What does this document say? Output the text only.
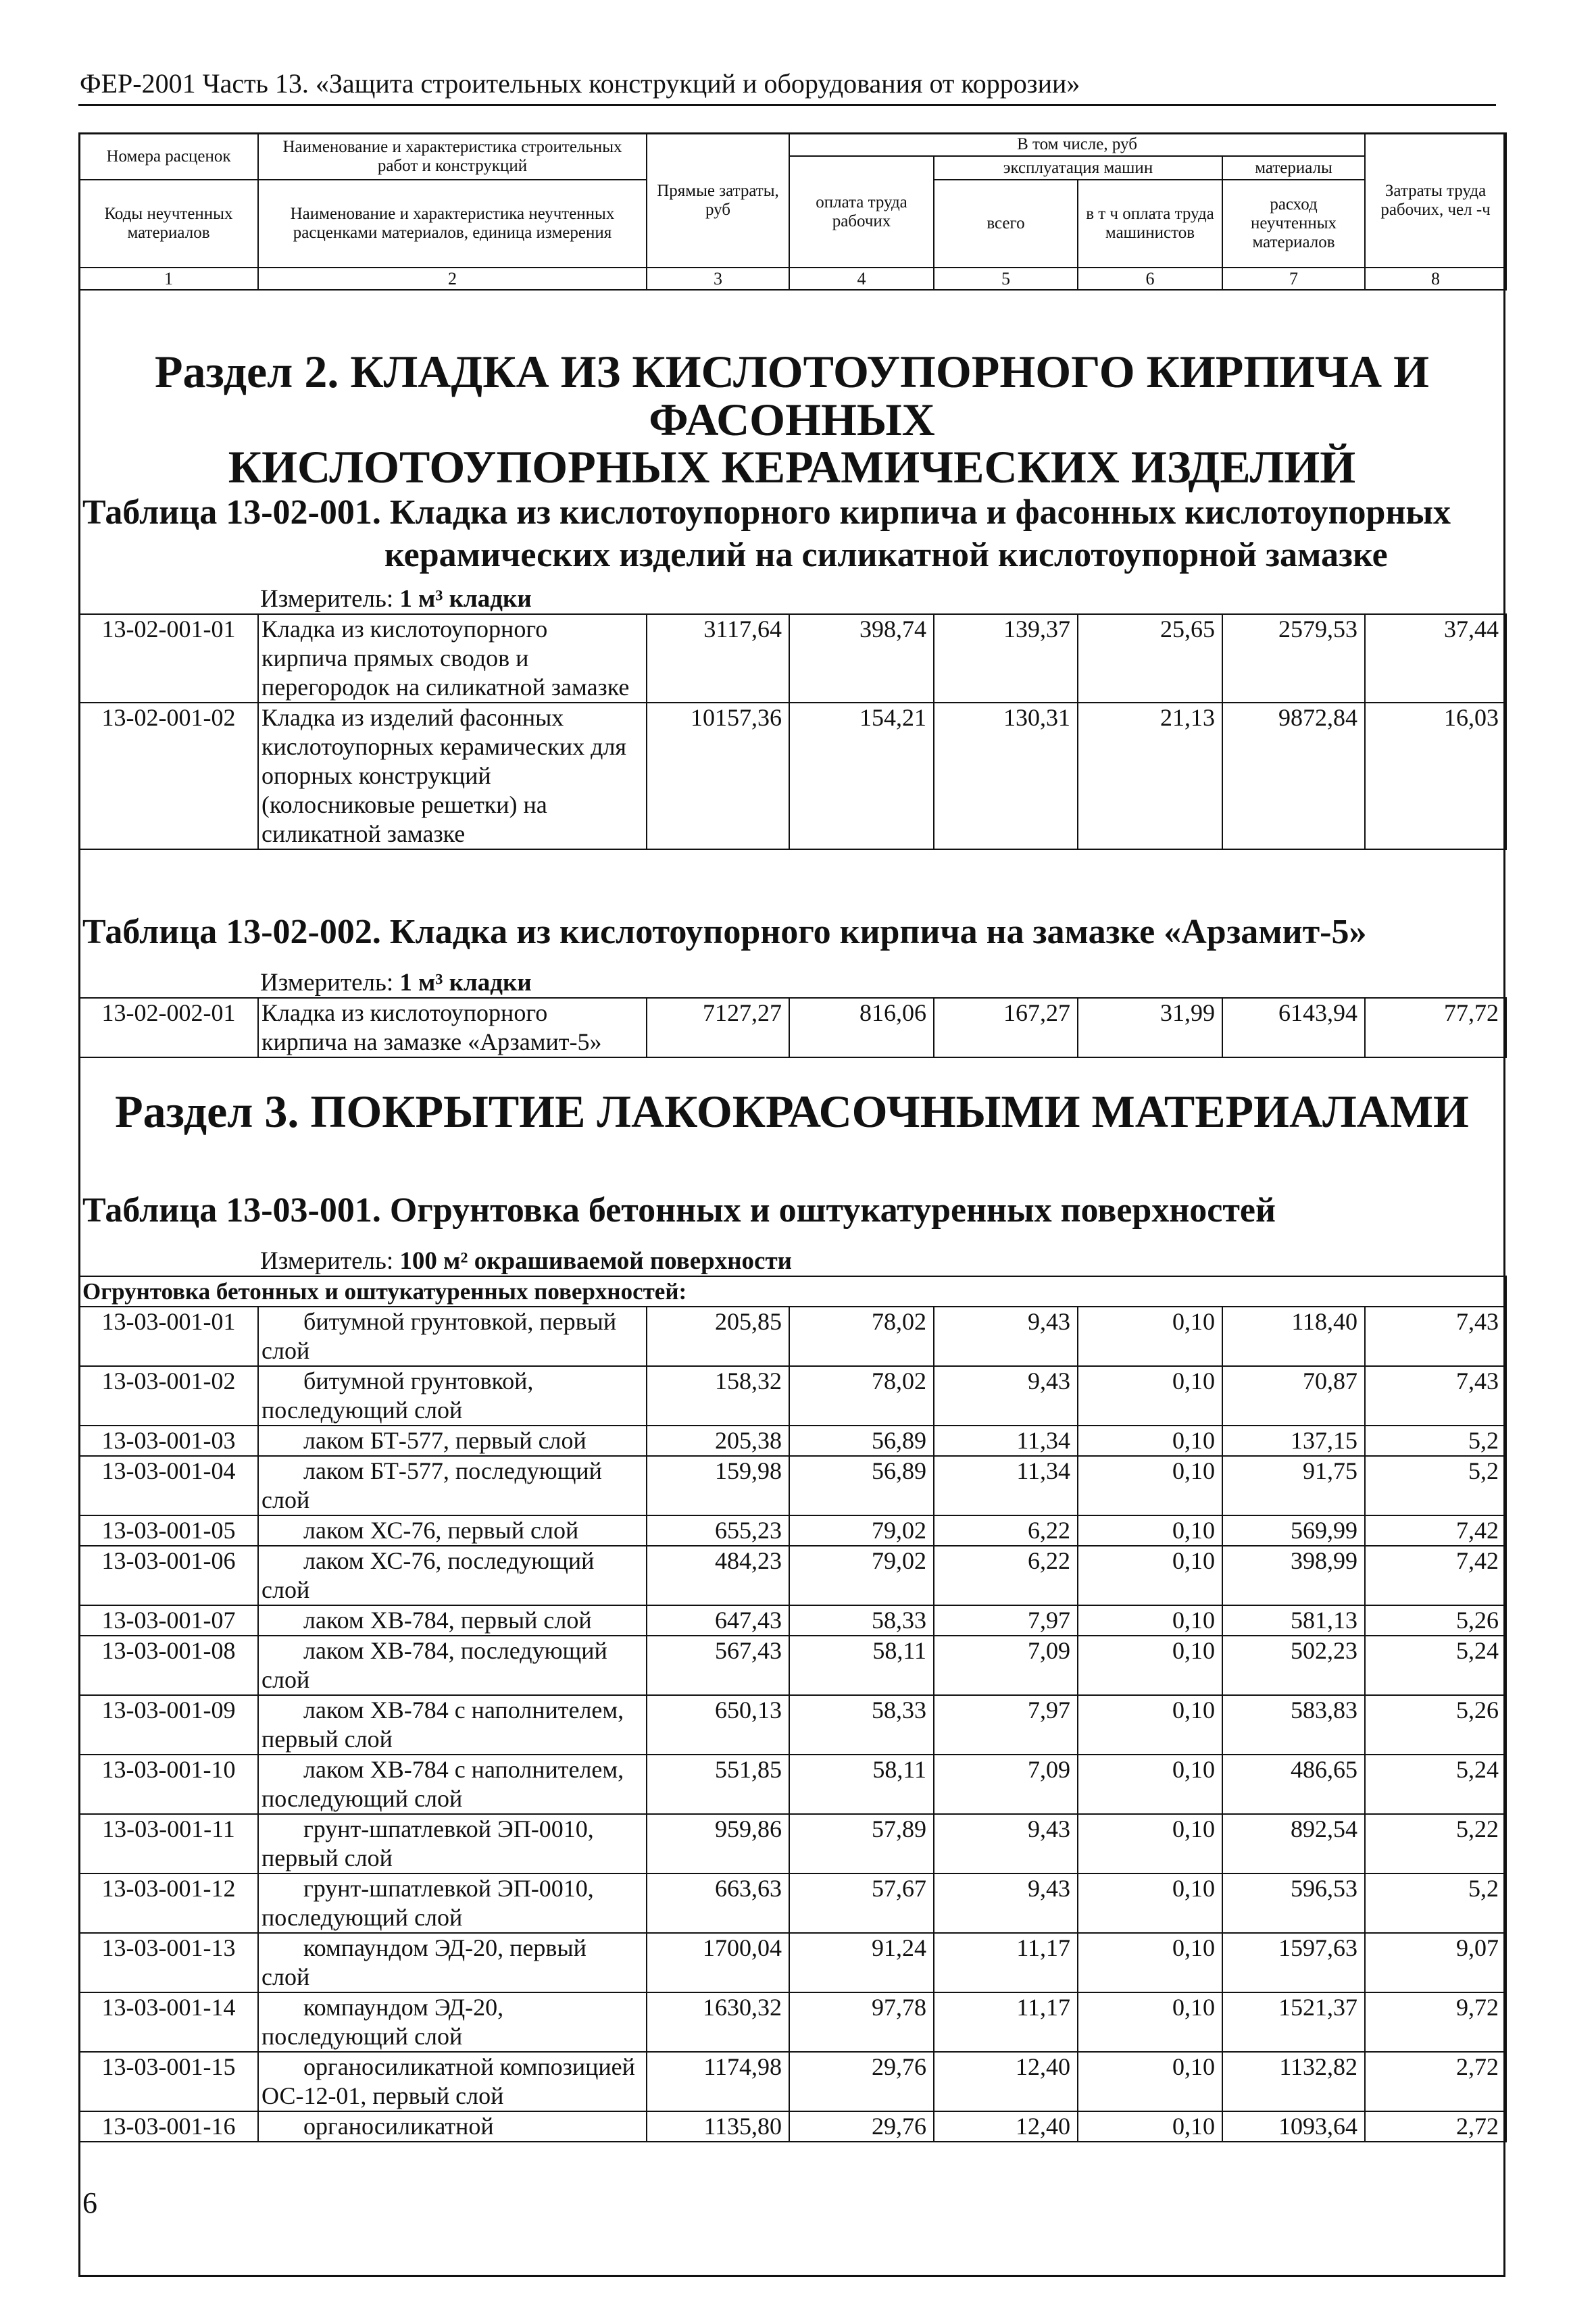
ФЕР-2001 Часть 13. «Защита строительных конструкций и оборудования от коррозии»
Номера расценок	Наименование и характеристика строительных работ и конструкций	Прямые затраты, руб	В том числе, руб				Затраты труда рабочих, чел -ч
			оплата труда рабочих	эксплуатация машин		материалы	
Коды неучтенных материалов	Наименование и характеристика неучтенных расценками материалов, единица измерения			всего	в т ч оплата труда машинистов	расход неучтенных материалов	

1	2	3	4	5	6	7	8
Раздел 2. КЛАДКА ИЗ КИСЛОТОУПОРНОГО КИРПИЧА И ФАСОННЫХ
КИСЛОТОУПОРНЫХ КЕРАМИЧЕСКИХ ИЗДЕЛИЙ
Таблица 13-02-001. Кладка из кислотоупорного кирпича и фасонных кислотоупорных
керамических изделий на силикатной кислотоупорной замазке
Измеритель: 1 м³ кладки
13-02-001-01	Кладка из кислотоупорного кирпича прямых сводов и перегородок на силикатной замазке	3117,64	398,74	139,37	25,65	2579,53	37,44
13-02-001-02	Кладка из изделий фасонных кислотоупорных керамических для опорных конструкций (колосниковые решетки) на силикатной замазке	10157,36	154,21	130,31	21,13	9872,84	16,03
Таблица 13-02-002. Кладка из кислотоупорного кирпича на замазке «Арзамит-5»
Измеритель: 1 м³ кладки
13-02-002-01	Кладка из кислотоупорного кирпича на замазке «Арзамит-5»	7127,27	816,06	167,27	31,99	6143,94	77,72
Раздел 3. ПОКРЫТИЕ ЛАКОКРАСОЧНЫМИ МАТЕРИАЛАМИ
Таблица 13-03-001. Огрунтовка бетонных и оштукатуренных поверхностей
Измеритель: 100 м² окрашиваемой поверхности
Огрунтовка бетонных и оштукатуренных поверхностей:							
13-03-001-01	битумной грунтовкой, первый слой	205,85	78,02	9,43	0,10	118,40	7,43
13-03-001-02	битумной грунтовкой, последующий слой	158,32	78,02	9,43	0,10	70,87	7,43
13-03-001-03	лаком БТ-577, первый слой	205,38	56,89	11,34	0,10	137,15	5,2
13-03-001-04	лаком БТ-577, последующий слой	159,98	56,89	11,34	0,10	91,75	5,2
13-03-001-05	лаком ХС-76, первый слой	655,23	79,02	6,22	0,10	569,99	7,42
13-03-001-06	лаком ХС-76, последующий слой	484,23	79,02	6,22	0,10	398,99	7,42
13-03-001-07	лаком ХВ-784, первый слой	647,43	58,33	7,97	0,10	581,13	5,26
13-03-001-08	лаком ХВ-784, последующий слой	567,43	58,11	7,09	0,10	502,23	5,24
13-03-001-09	лаком ХВ-784 с наполнителем, первый слой	650,13	58,33	7,97	0,10	583,83	5,26
13-03-001-10	лаком ХВ-784 с наполнителем, последующий слой	551,85	58,11	7,09	0,10	486,65	5,24
13-03-001-11	грунт-шпатлевкой ЭП-0010, первый слой	959,86	57,89	9,43	0,10	892,54	5,22
13-03-001-12	грунт-шпатлевкой ЭП-0010, последующий слой	663,63	57,67	9,43	0,10	596,53	5,2
13-03-001-13	компаундом ЭД-20, первый слой	1700,04	91,24	11,17	0,10	1597,63	9,07
13-03-001-14	компаундом ЭД-20, последующий слой	1630,32	97,78	11,17	0,10	1521,37	9,72
13-03-001-15	органосиликатной композицией ОС-12-01, первый слой	1174,98	29,76	12,40	0,10	1132,82	2,72
13-03-001-16	органосиликатной	1135,80	29,76	12,40	0,10	1093,64	2,72
6
